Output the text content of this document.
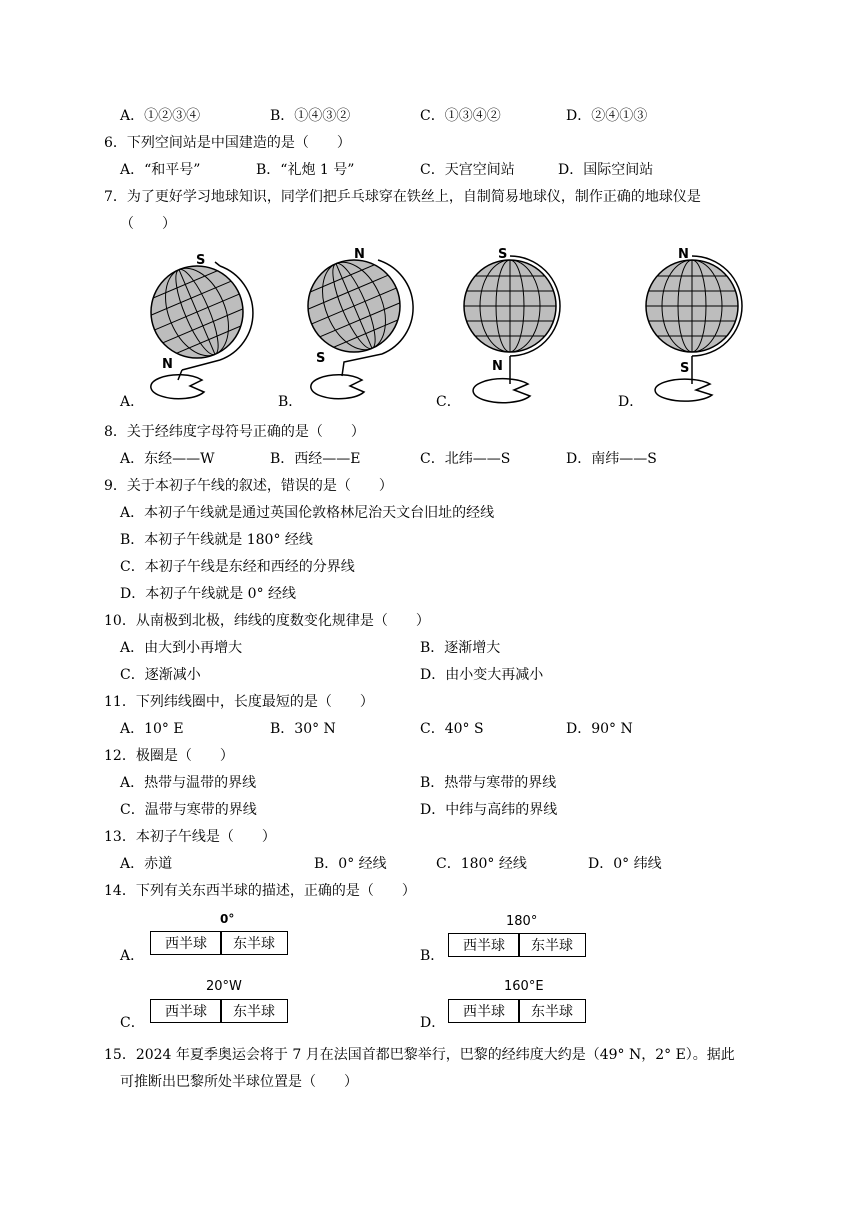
A．①②③④	B．①④③②	C．①③④②	D．②④①③
6．下列空间站是中国建造的是（　　）
A．“和平号”	B．“礼炮 1 号”	C．天宫空间站	D．国际空间站
7．为了更好学习地球知识，同学们把乒乓球穿在铁丝上，自制简易地球仪，制作正确的地球仪是
（　　）
S
N
A．
N
S
B．
S
N
C．
N
S
D．
8．关于经纬度字母符号正确的是（　　）
A．东经——W	B．西经——E	C．北纬——S	D．南纬——S
9．关于本初子午线的叙述，错误的是（　　）
A．本初子午线就是通过英国伦敦格林尼治天文台旧址的经线
B．本初子午线就是 180° 经线
C．本初子午线是东经和西经的分界线
D．本初子午线就是 0° 经线
10．从南极到北极，纬线的度数变化规律是（　　）
A．由大到小再增大	B．逐渐增大
C．逐渐减小	D．由小变大再减小
11．下列纬线圈中，长度最短的是（　　）
A．10° E	B．30° N	C．40° S	D．90° N
12．极圈是（　　）
A．热带与温带的界线	B．热带与寒带的界线
C．温带与寒带的界线	D．中纬与高纬的界线
13．本初子午线是（　　）
A．赤道	B．0° 经线	C．180° 经线	D．0° 纬线
14．下列有关东西半球的描述，正确的是（　　）
A．
0°
西半球	东半球
B．
180°
西半球	东半球
C．
20°W
西半球	东半球
D．
160°E
西半球	东半球
15．2024 年夏季奥运会将于 7 月在法国首都巴黎举行，巴黎的经纬度大约是（49° N，2° E）。据此
可推断出巴黎所处半球位置是（　　）
